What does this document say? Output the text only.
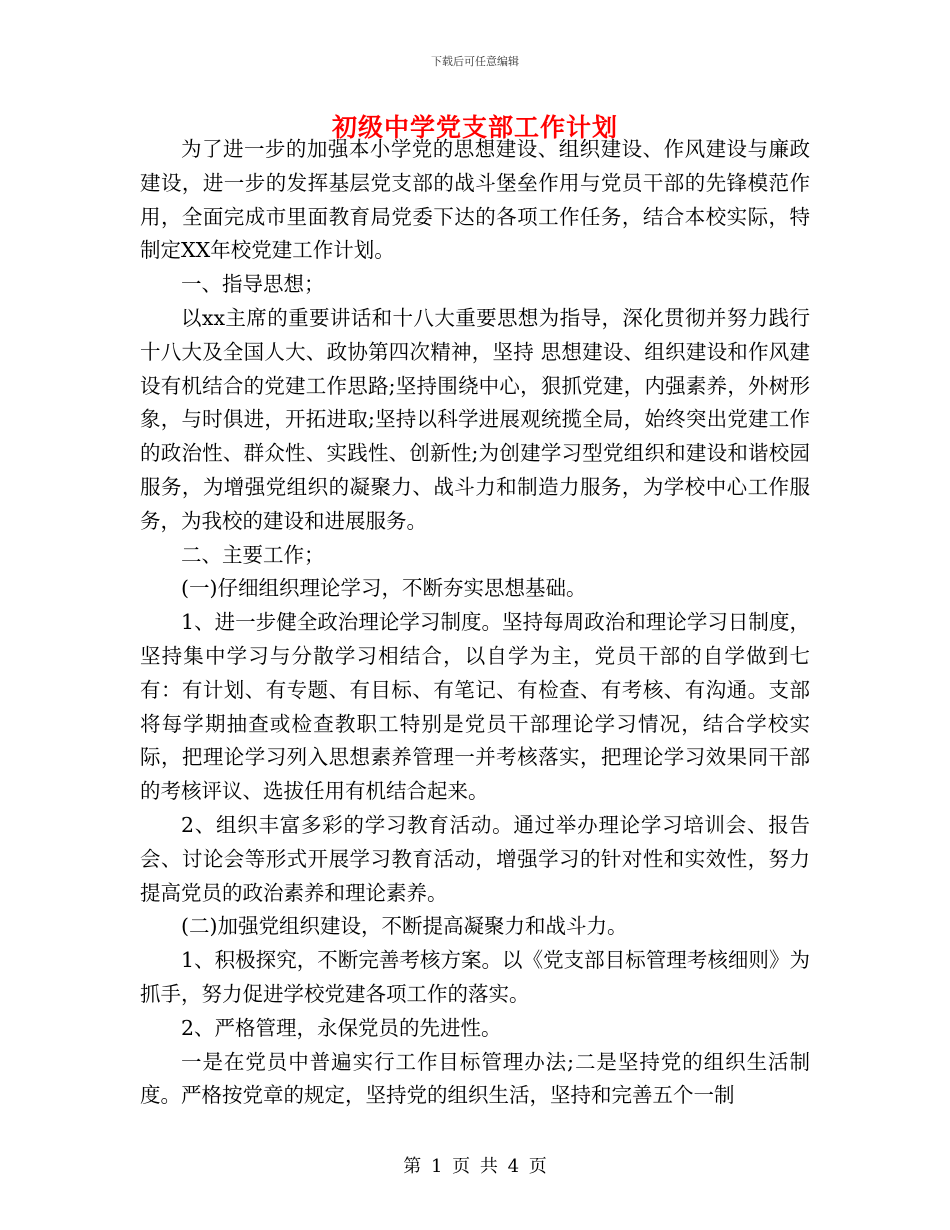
下载后可任意编辑
初级中学党支部工作计划

为了进一步的加强本小学党的思想建设、组织建设、作风建设与廉政建设，进一步的发挥基层党支部的战斗堡垒作用与党员干部的先锋模范作用，全面完成市里面教育局党委下达的各项工作任务，结合本校实际，特制定XX年校党建工作计划。

一、指导思想；

以xx主席的重要讲话和十八大重要思想为指导，深化贯彻并努力践行十八大及全国人大、政协第四次精神，坚持 思想建设、组织建设和作风建设有机结合的党建工作思路;坚持围绕中心，狠抓党建，内强素养，外树形象，与时俱进，开拓进取;坚持以科学进展观统揽全局，始终突出党建工作的政治性、群众性、实践性、创新性;为创建学习型党组织和建设和谐校园服务，为增强党组织的凝聚力、战斗力和制造力服务，为学校中心工作服务，为我校的建设和进展服务。

二、主要工作；

(一)仔细组织理论学习，不断夯实思想基础。

1、进一步健全政治理论学习制度。坚持每周政治和理论学习日制度，坚持集中学习与分散学习相结合，以自学为主，党员干部的自学做到七有：有计划、有专题、有目标、有笔记、有检查、有考核、有沟通。支部将每学期抽查或检查教职工特别是党员干部理论学习情况，结合学校实际，把理论学习列入思想素养管理一并考核落实，把理论学习效果同干部的考核评议、选拔任用有机结合起来。

2、组织丰富多彩的学习教育活动。通过举办理论学习培训会、报告会、讨论会等形式开展学习教育活动，增强学习的针对性和实效性，努力提高党员的政治素养和理论素养。

(二)加强党组织建设，不断提高凝聚力和战斗力。

1、积极探究，不断完善考核方案。以《党支部目标管理考核细则》为抓手，努力促进学校党建各项工作的落实。

2、严格管理，永保党员的先进性。

一是在党员中普遍实行工作目标管理办法;二是坚持党的组织生活制度。严格按党章的规定，坚持党的组织生活，坚持和完善五个一制

第 1 页 共 4 页
